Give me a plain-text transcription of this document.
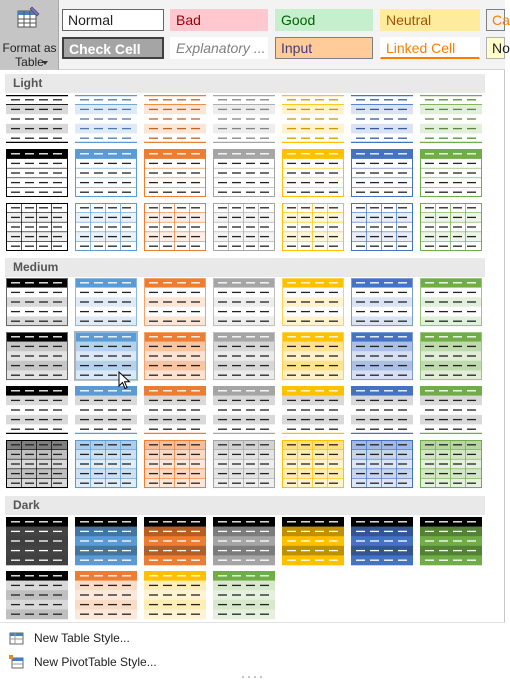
Format as
Table
Normal	Bad	Good	Neutral	Ca
Check Cell	Explanatory ...	Input	Linked Cell	No
Light
Medium
Dark
New Table Style...
New PivotTable Style...
